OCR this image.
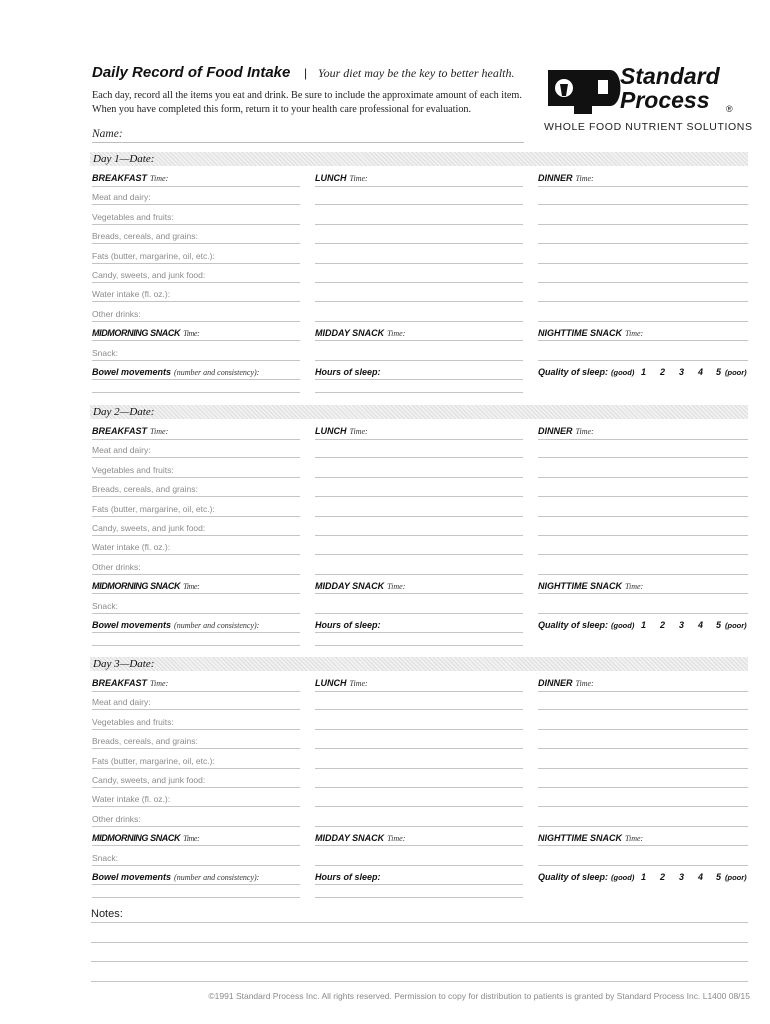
Daily Record of Food Intake | Your diet may be the key to better health.
Each day, record all the items you eat and drink. Be sure to include the approximate amount of each item. When you have completed this form, return it to your health care professional for evaluation.
Name:
Standard
Process ®
WHOLE FOOD NUTRIENT SOLUTIONS
Day 1—Date:
BREAKFAST Time:	LUNCH Time:	DINNER Time:
Meat and dairy:
Vegetables and fruits:
Breads, cereals, and grains:
Fats (butter, margarine, oil, etc.):
Candy, sweets, and junk food:
Water intake (fl. oz.):
Other drinks:
MIDMORNING SNACK Time:	MIDDAY SNACK Time:	NIGHTTIME SNACK Time:
Snack:
Bowel movements (number and consistency):	Hours of sleep:	Quality of sleep: (good) 1 2 3 4 5 (poor)
Day 2—Date:
BREAKFAST Time:	LUNCH Time:	DINNER Time:
Meat and dairy:
Vegetables and fruits:
Breads, cereals, and grains:
Fats (butter, margarine, oil, etc.):
Candy, sweets, and junk food:
Water intake (fl. oz.):
Other drinks:
MIDMORNING SNACK Time:	MIDDAY SNACK Time:	NIGHTTIME SNACK Time:
Snack:
Bowel movements (number and consistency):	Hours of sleep:	Quality of sleep: (good) 1 2 3 4 5 (poor)
Day 3—Date:
BREAKFAST Time:	LUNCH Time:	DINNER Time:
Meat and dairy:
Vegetables and fruits:
Breads, cereals, and grains:
Fats (butter, margarine, oil, etc.):
Candy, sweets, and junk food:
Water intake (fl. oz.):
Other drinks:
MIDMORNING SNACK Time:	MIDDAY SNACK Time:	NIGHTTIME SNACK Time:
Snack:
Bowel movements (number and consistency):	Hours of sleep:	Quality of sleep: (good) 1 2 3 4 5 (poor)
Notes:
©1991 Standard Process Inc. All rights reserved. Permission to copy for distribution to patients is granted by Standard Process Inc. L1400 08/15
